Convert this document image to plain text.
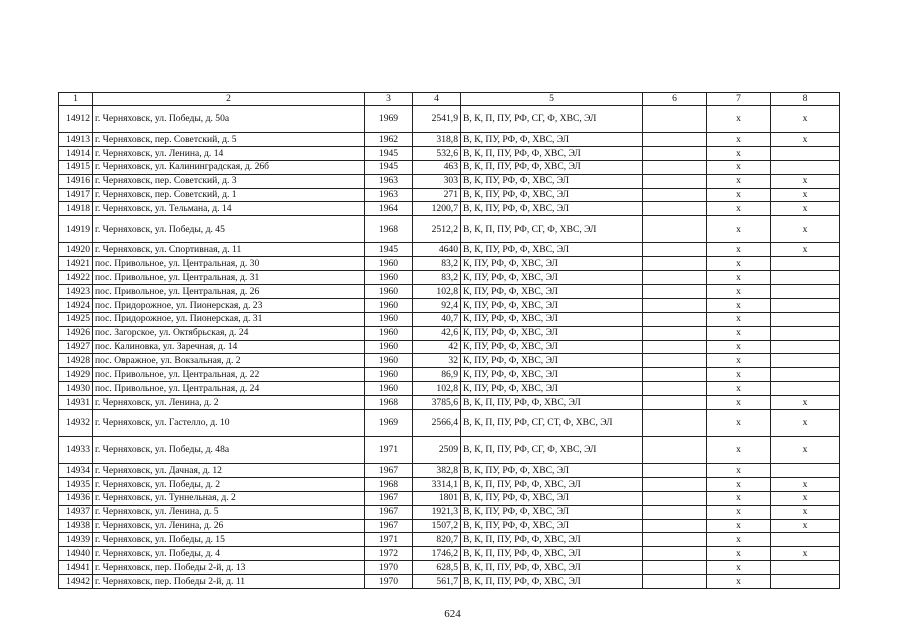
1	2	3	4	5	6	7	8
14912	г. Черняховск, ул. Победы, д. 50а	1969	2541,9	В, К, П, ПУ, РФ, СГ, Ф, ХВС, ЭЛ		х	х
14913	г. Черняховск, пер. Советский, д. 5	1962	318,8	В, К, ПУ, РФ, Ф, ХВС, ЭЛ		х	х
14914	г. Черняховск, ул. Ленина, д. 14	1945	532,6	В, К, П, ПУ, РФ, Ф, ХВС, ЭЛ		х	
14915	г. Черняховск, ул. Калининградская, д. 26б	1945	463	В, К, П, ПУ, РФ, Ф, ХВС, ЭЛ		х	
14916	г. Черняховск, пер. Советский, д. 3	1963	303	В, К, ПУ, РФ, Ф, ХВС, ЭЛ		х	х
14917	г. Черняховск, пер. Советский, д. 1	1963	271	В, К, ПУ, РФ, Ф, ХВС, ЭЛ		х	х
14918	г. Черняховск, ул. Тельмана, д. 14	1964	1200,7	В, К, ПУ, РФ, Ф, ХВС, ЭЛ		х	х
14919	г. Черняховск, ул. Победы, д. 45	1968	2512,2	В, К, П, ПУ, РФ, СГ, Ф, ХВС, ЭЛ		х	х
14920	г. Черняховск, ул. Спортивная, д. 11	1945	4640	В, К, ПУ, РФ, Ф, ХВС, ЭЛ		х	х
14921	пос. Привольное, ул. Центральная, д. 30	1960	83,2	К, ПУ, РФ, Ф, ХВС, ЭЛ		х	
14922	пос. Привольное, ул. Центральная, д. 31	1960	83,2	К, ПУ, РФ, Ф, ХВС, ЭЛ		х	
14923	пос. Привольное, ул. Центральная, д. 26	1960	102,8	К, ПУ, РФ, Ф, ХВС, ЭЛ		х	
14924	пос. Придорожное, ул. Пионерская, д. 23	1960	92,4	К, ПУ, РФ, Ф, ХВС, ЭЛ		х	
14925	пос. Придорожное, ул. Пионерская, д. 31	1960	40,7	К, ПУ, РФ, Ф, ХВС, ЭЛ		х	
14926	пос. Загорское, ул. Октябрьская, д. 24	1960	42,6	К, ПУ, РФ, Ф, ХВС, ЭЛ		х	
14927	пос. Калиновка, ул. Заречная, д. 14	1960	42	К, ПУ, РФ, Ф, ХВС, ЭЛ		х	
14928	пос. Овражное, ул. Вокзальная, д. 2	1960	32	К, ПУ, РФ, Ф, ХВС, ЭЛ		х	
14929	пос. Привольное, ул. Центральная, д. 22	1960	86,9	К, ПУ, РФ, Ф, ХВС, ЭЛ		х	
14930	пос. Привольное, ул. Центральная, д. 24	1960	102,8	К, ПУ, РФ, Ф, ХВС, ЭЛ		х	
14931	г. Черняховск, ул. Ленина, д. 2	1968	3785,6	В, К, П, ПУ, РФ, Ф, ХВС, ЭЛ		х	х
14932	г. Черняховск, ул. Гастелло, д. 10	1969	2566,4	В, К, П, ПУ, РФ, СГ, СТ, Ф, ХВС, ЭЛ		х	х
14933	г. Черняховск, ул. Победы, д. 48а	1971	2509	В, К, П, ПУ, РФ, СГ, Ф, ХВС, ЭЛ		х	х
14934	г. Черняховск, ул. Дачная, д. 12	1967	382,8	В, К, ПУ, РФ, Ф, ХВС, ЭЛ		х	
14935	г. Черняховск, ул. Победы, д. 2	1968	3314,1	В, К, П, ПУ, РФ, Ф, ХВС, ЭЛ		х	х
14936	г. Черняховск, ул. Туннельная, д. 2	1967	1801	В, К, ПУ, РФ, Ф, ХВС, ЭЛ		х	х
14937	г. Черняховск, ул. Ленина, д. 5	1967	1921,3	В, К, ПУ, РФ, Ф, ХВС, ЭЛ		х	х
14938	г. Черняховск, ул. Ленина, д. 26	1967	1507,2	В, К, ПУ, РФ, Ф, ХВС, ЭЛ		х	х
14939	г. Черняховск, ул. Победы, д. 15	1971	820,7	В, К, П, ПУ, РФ, Ф, ХВС, ЭЛ		х	
14940	г. Черняховск, ул. Победы, д. 4	1972	1746,2	В, К, П, ПУ, РФ, Ф, ХВС, ЭЛ		х	х
14941	г. Черняховск, пер. Победы 2-й, д. 13	1970	628,5	В, К, П, ПУ, РФ, Ф, ХВС, ЭЛ		х	
14942	г. Черняховск, пер. Победы 2-й, д. 11	1970	561,7	В, К, П, ПУ, РФ, Ф, ХВС, ЭЛ		х	
624
